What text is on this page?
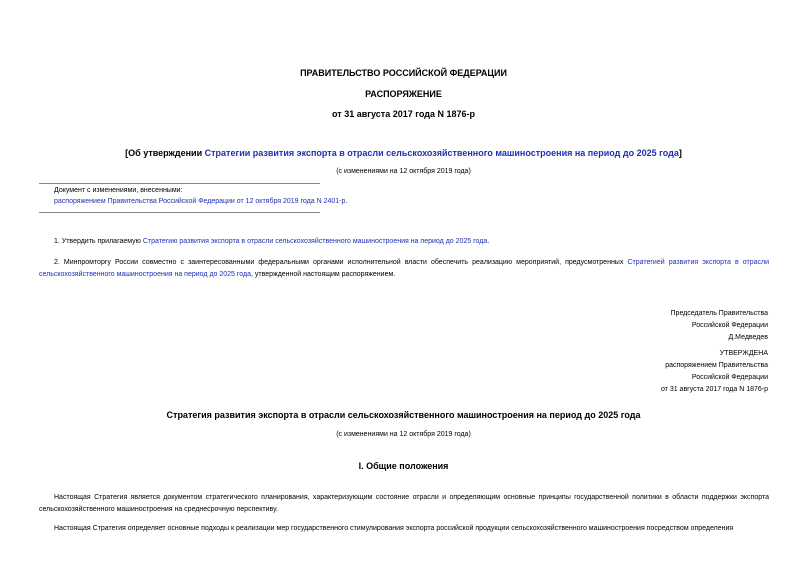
ПРАВИТЕЛЬСТВО РОССИЙСКОЙ ФЕДЕРАЦИИ
РАСПОРЯЖЕНИЕ
от 31 августа 2017 года N 1876-р
[Об утверждении Стратегии развития экспорта в отрасли сельскохозяйственного машиностроения на период до 2025 года]
(с изменениями на 12 октября 2019 года)
Документ с изменениями, внесенными:
распоряжением Правительства Российской Федерации от 12 октября 2019 года N 2401-р.
1. Утвердить прилагаемую Стратегию развития экспорта в отрасли сельскохозяйственного машиностроения на период до 2025 года.
2. Минпромторгу России совместно с заинтересованными федеральными органами исполнительной власти обеспечить реализацию мероприятий, предусмотренных Стратегией развития экспорта в отрасли сельскохозяйственного машиностроения на период до 2025 года, утвержденной настоящим распоряжением.
Председатель Правительства
Российской Федерации
Д.Медведев
УТВЕРЖДЕНА
распоряжением Правительства
Российской Федерации
от 31 августа 2017 года N 1876-р
Стратегия развития экспорта в отрасли сельскохозяйственного машиностроения на период до 2025 года
(с изменениями на 12 октября 2019 года)
I. Общие положения
Настоящая Стратегия является документом стратегического планирования, характеризующим состояние отрасли и определяющим основные принципы государственной политики в области поддержки экспорта сельскохозяйственного машиностроения на среднесрочную перспективу.
Настоящая Стратегия определяет основные подходы к реализации мер государственного стимулирования экспорта российской продукции сельскохозяйственного машиностроения посредством определения
